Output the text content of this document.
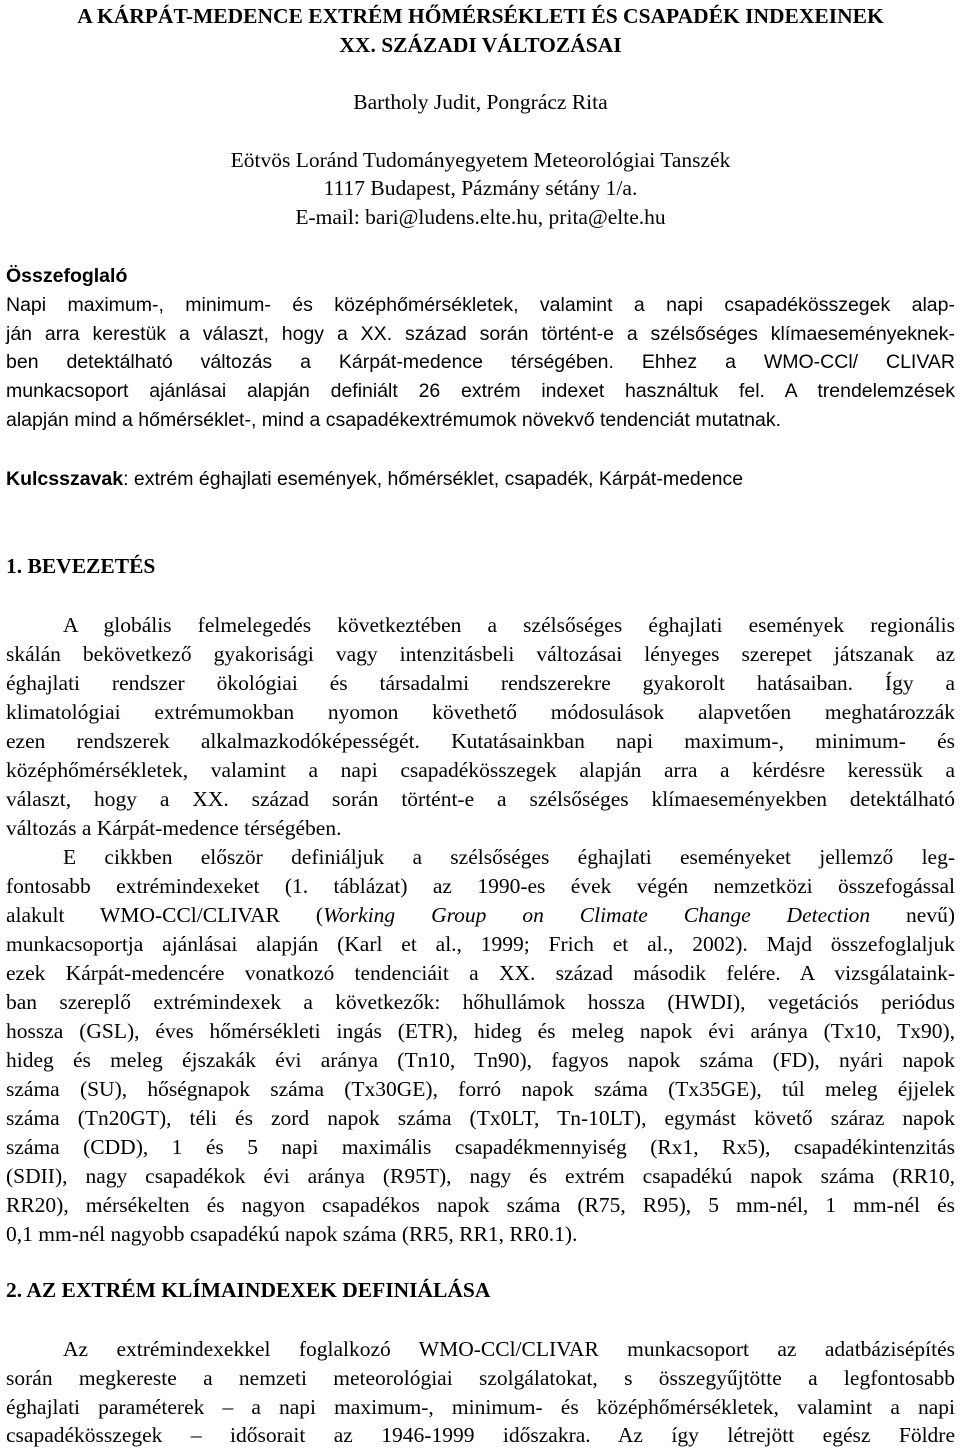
A KÁRPÁT-MEDENCE EXTRÉM HŐMÉRSÉKLETI ÉS CSAPADÉK INDEXEINEK

XX. SZÁZADI VÁLTOZÁSAI

Bartholy Judit, Pongrácz Rita

Eötvös Loránd Tudományegyetem Meteorológiai Tanszék

1117 Budapest, Pázmány sétány 1/a.

E-mail: bari@ludens.elte.hu, prita@elte.hu

Összefoglaló

Napi maximum-, minimum- és középhőmérsékletek, valamint a napi csapadékösszegek alap-

ján arra kerestük a választ, hogy a XX. század során történt-e a szélsőséges klímaeseményeknek-

ben detektálható változás a Kárpát-medence térségében. Ehhez a WMO-CCl/ CLIVAR

munkacsoport ajánlásai alapján definiált 26 extrém indexet használtuk fel. A trendelemzések

alapján mind a hőmérséklet-, mind a csapadékextrémumok növekvő tendenciát mutatnak.

Kulcsszavak: extrém éghajlati események, hőmérséklet, csapadék, Kárpát-medence

1. BEVEZETÉS

A globális felmelegedés következtében a szélsőséges éghajlati események regionális

skálán bekövetkező gyakorisági vagy intenzitásbeli változásai lényeges szerepet játszanak az

éghajlati rendszer ökológiai és társadalmi rendszerekre gyakorolt hatásaiban. Így a

klimatológiai extrémumokban nyomon követhető módosulások alapvetően meghatározzák

ezen rendszerek alkalmazkodóképességét. Kutatásainkban napi maximum-, minimum- és

középhőmérsékletek, valamint a napi csapadékösszegek alapján arra a kérdésre keressük a

választ, hogy a XX. század során történt-e a szélsőséges klímaeseményekben detektálható

változás a Kárpát-medence térségében.

E cikkben először definiáljuk a szélsőséges éghajlati eseményeket jellemző leg-

fontosabb extrémindexeket (1. táblázat) az 1990-es évek végén nemzetközi összefogással

alakult WMO-CCl/CLIVAR (Working Group on Climate Change Detection nevű)

munkacsoportja ajánlásai alapján (Karl et al., 1999; Frich et al., 2002). Majd összefoglaljuk

ezek Kárpát-medencére vonatkozó tendenciáit a XX. század második felére. A vizsgálataink-

ban szereplő extrémindexek a következők: hőhullámok hossza (HWDI), vegetációs periódus

hossza (GSL), éves hőmérsékleti ingás (ETR), hideg és meleg napok évi aránya (Tx10, Tx90),

hideg és meleg éjszakák évi aránya (Tn10, Tn90), fagyos napok száma (FD), nyári napok

száma (SU), hőségnapok száma (Tx30GE), forró napok száma (Tx35GE), túl meleg éjjelek

száma (Tn20GT), téli és zord napok száma (Tx0LT, Tn-10LT), egymást követő száraz napok

száma (CDD), 1 és 5 napi maximális csapadékmennyiség (Rx1, Rx5), csapadékintenzitás

(SDII), nagy csapadékok évi aránya (R95T), nagy és extrém csapadékú napok száma (RR10,

RR20), mérsékelten és nagyon csapadékos napok száma (R75, R95), 5 mm-nél, 1 mm-nél és

0,1 mm-nél nagyobb csapadékú napok száma (RR5, RR1, RR0.1).

2. AZ EXTRÉM KLÍMAINDEXEK DEFINIÁLÁSA

Az extrémindexekkel foglalkozó WMO-CCl/CLIVAR munkacsoport az adatbázisépítés

során megkereste a nemzeti meteorológiai szolgálatokat, s összegyűjtötte a legfontosabb

éghajlati paraméterek – a napi maximum-, minimum- és középhőmérsékletek, valamint a napi

csapadékösszegek – idősorait az 1946-1999 időszakra. Az így létrejött egész Földre
